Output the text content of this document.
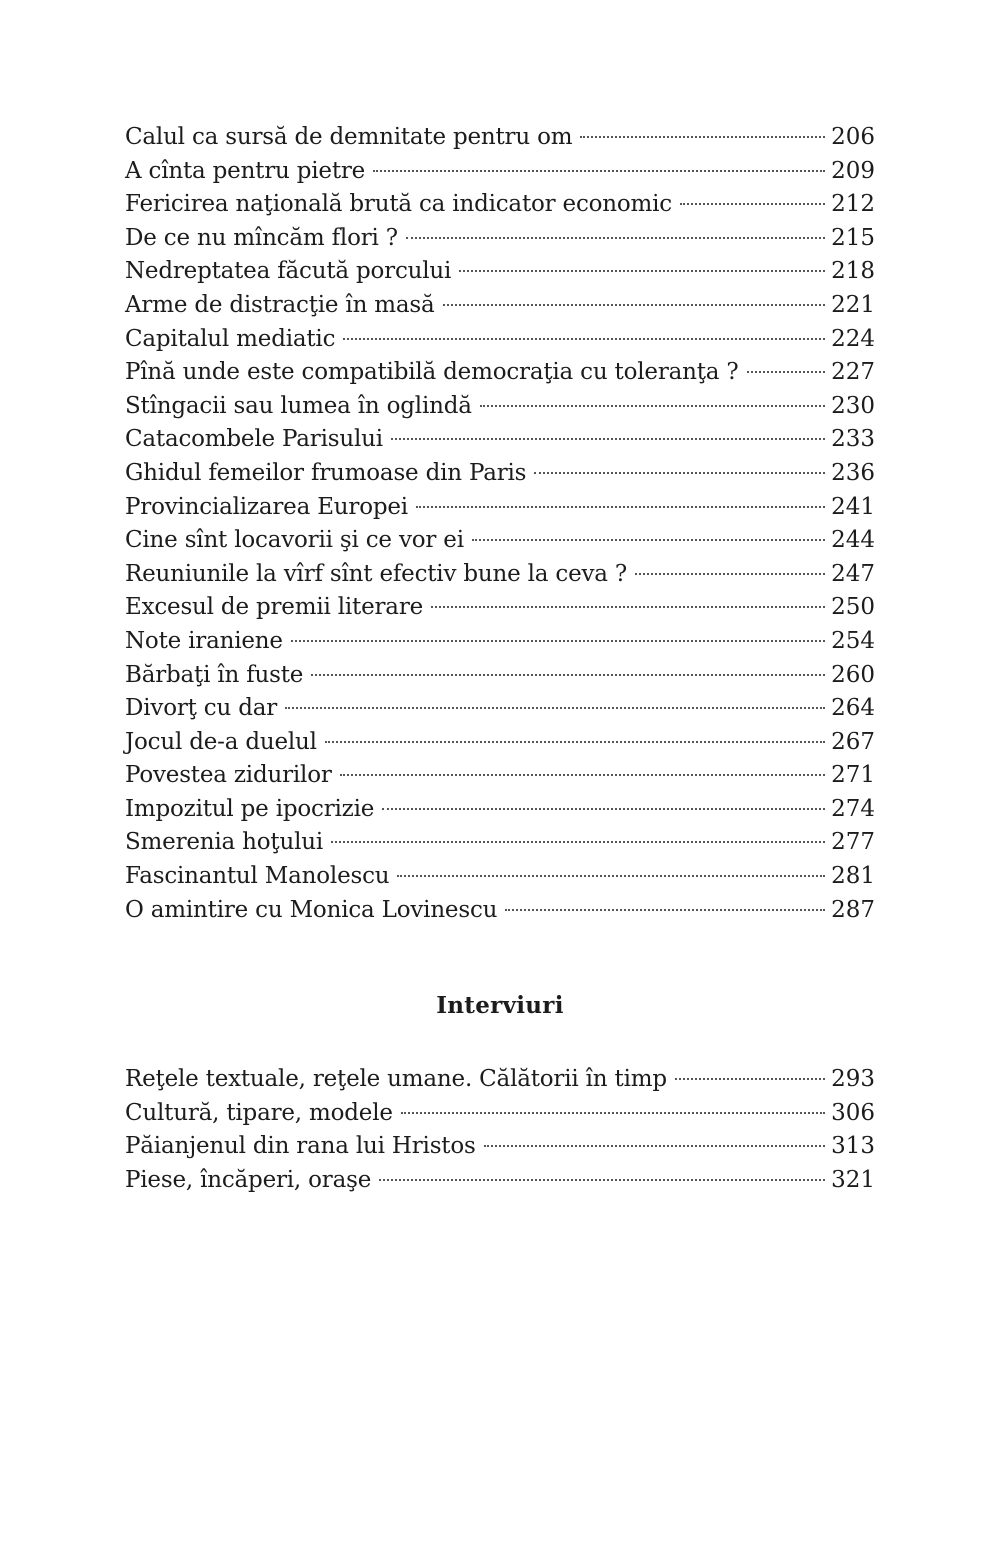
Calul ca sursă de demnitate pentru om	206
A cînta pentru pietre	209
Fericirea naţională brută ca indicator economic	212
De ce nu mîncăm flori ?	215
Nedreptatea făcută porcului	218
Arme de distracţie în masă	221
Capitalul mediatic	224
Pînă unde este compatibilă democraţia cu toleranţa ?	227
Stîngacii sau lumea în oglindă	230
Catacombele Parisului	233
Ghidul femeilor frumoase din Paris	236
Provincializarea Europei	241
Cine sînt locavorii şi ce vor ei	244
Reuniunile la vîrf sînt efectiv bune la ceva ?	247
Excesul de premii literare	250
Note iraniene	254
Bărbaţi în fuste	260
Divorţ cu dar	264
Jocul de-a duelul	267
Povestea zidurilor	271
Impozitul pe ipocrizie	274
Smerenia hoţului	277
Fascinantul Manolescu	281
O amintire cu Monica Lovinescu	287
Interviuri
Reţele textuale, reţele umane. Călătorii în timp	293
Cultură, tipare, modele	306
Păianjenul din rana lui Hristos	313
Piese, încăperi, oraşe	321
